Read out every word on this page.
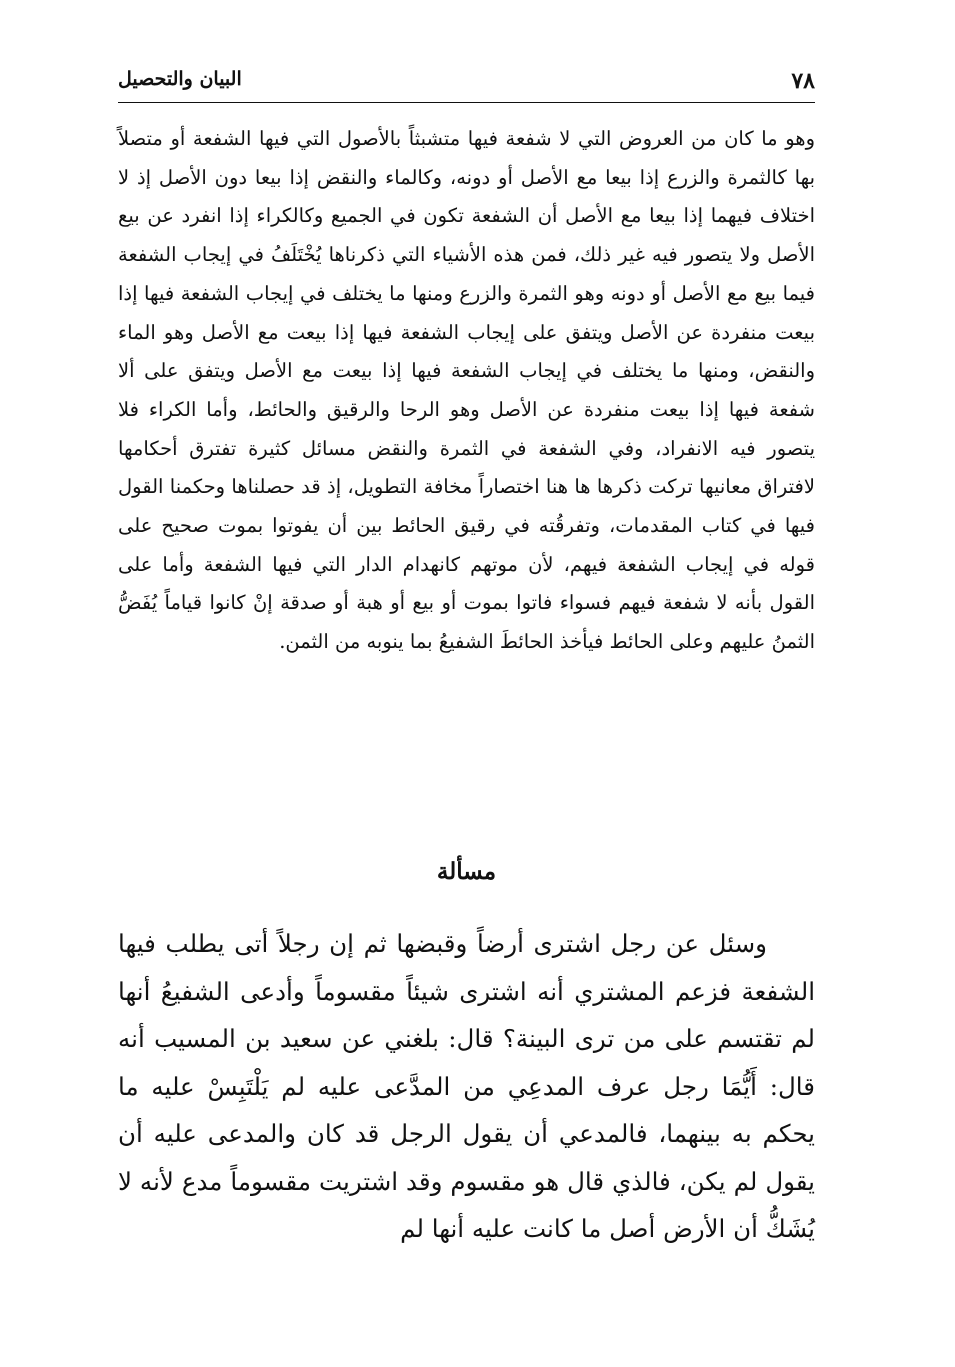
٧٨
البيان والتحصيل

وهو ما كان من العروض التي لا شفعة فيها متشبثاً بالأصول التي فيها الشفعة أو متصلاً بها كالثمرة والزرع إذا بيعا مع الأصل أو دونه، وكالماء والنقض إذا بيعا دون الأصل إذ لا اختلاف فيهما إذا بيعا مع الأصل أن الشفعة تكون في الجميع وكالكراء إذا انفرد عن بيع الأصل ولا يتصور فيه غير ذلك، فمن هذه الأشياء التي ذكرناها يُخْتَلَفُ في إيجاب الشفعة فيما بيع مع الأصل أو دونه وهو الثمرة والزرع ومنها ما يختلف في إيجاب الشفعة فيها إذا بيعت منفردة عن الأصل ويتفق على إيجاب الشفعة فيها إذا بيعت مع الأصل وهو الماء والنقض، ومنها ما يختلف في إيجاب الشفعة فيها إذا بيعت مع الأصل ويتفق على ألا شفعة فيها إذا بيعت منفردة عن الأصل وهو الرحا والرقيق والحائط، وأما الكراء فلا يتصور فيه الانفراد، وفي الشفعة في الثمرة والنقض مسائل كثيرة تفترق أحكامها لافتراق معانيها تركت ذكرها ها هنا اختصاراً مخافة التطويل، إذ قد حصلناها وحكمنا القول فيها في كتاب المقدمات، وتفرقُته في رقيق الحائط بين أن يفوتوا بموت صحيح على قوله في إيجاب الشفعة فيهم، لأن موتهم كانهدام الدار التي فيها الشفعة وأما على القول بأنه لا شفعة فيهم فسواء فاتوا بموت أو بيع أو هبة أو صدقة إنْ كانوا قياماً يُفَضُّ الثمنُ عليهم وعلى الحائط فيأخذ الحائطَ الشفيعُ بما ينوبه من الثمن.

مسألة

وسئل عن رجل اشترى أرضاً وقبضها ثم إن رجلاً أتى يطلب فيها الشفعة فزعم المشتري أنه اشترى شيئاً مقسوماً وأدعى الشفيعُ أنها لم تقتسم على من ترى البينة؟ قال: بلغني عن سعيد بن المسيب أنه قال: أَيُّمَا رجل عرف المدعِي من المدَّعى عليه لم يَلْتَبِسْ عليه ما يحكم به بينهما، فالمدعي أن يقول الرجل قد كان والمدعى عليه أن يقول لم يكن، فالذي قال هو مقسوم وقد اشتريت مقسوماً مدع لأنه لا يُشَكُّ أن الأرض أصل ما كانت عليه أنها لم
